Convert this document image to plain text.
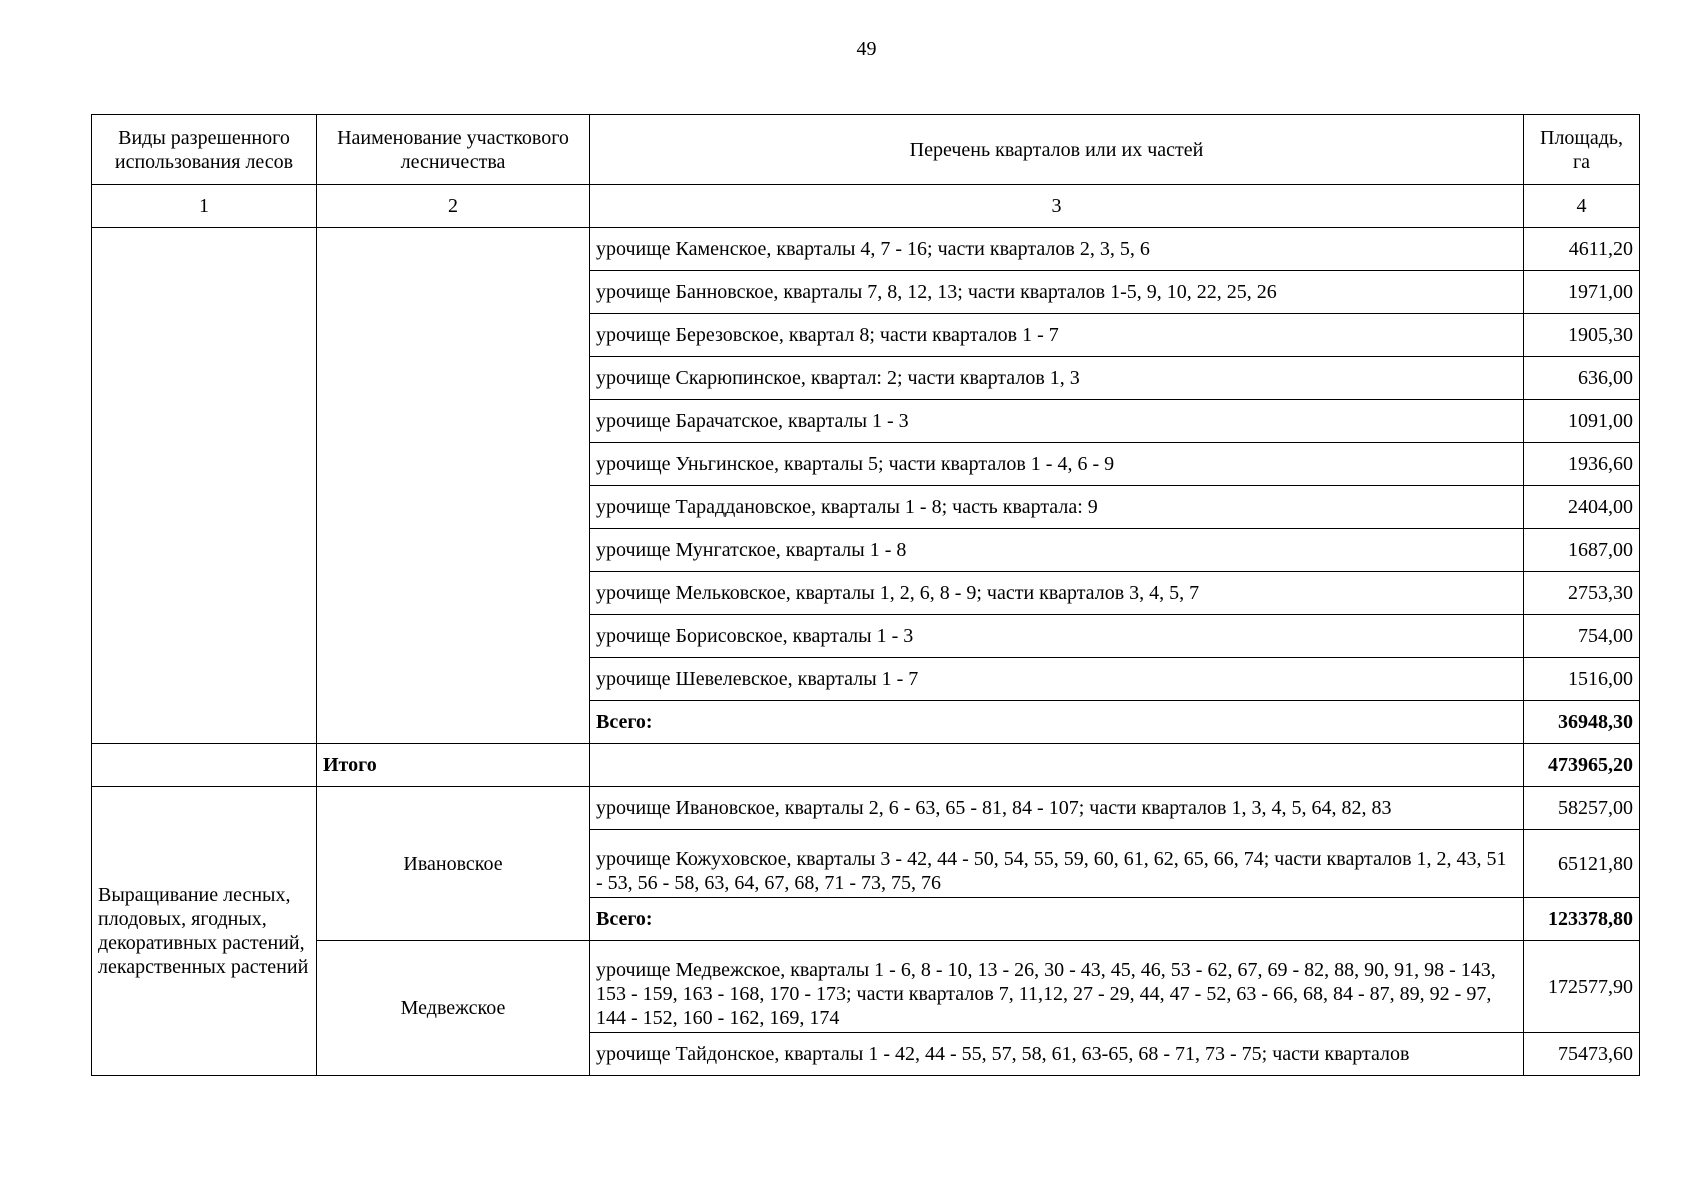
49
Виды разрешенного использования лесов	Наименование участкового лесничества	Перечень кварталов или их частей	Площадь, га
1	2	3	4
		урочище Каменское, кварталы 4, 7 - 16; части кварталов 2, 3, 5, 6	4611,20
		урочище Банновское, кварталы 7, 8, 12, 13; части кварталов 1-5, 9, 10, 22, 25, 26	1971,00
		урочище Березовское, квартал 8; части кварталов 1 - 7	1905,30
		урочище Скарюпинское, квартал: 2; части кварталов 1, 3	636,00
		урочище Барачатское, кварталы 1 - 3	1091,00
		урочище Уньгинское, кварталы 5; части кварталов 1 - 4, 6 - 9	1936,60
		урочище Тараддановское, кварталы 1 - 8; часть квартала: 9	2404,00
		урочище Мунгатское, кварталы 1 - 8	1687,00
		урочище Мельковское, кварталы 1, 2, 6, 8 - 9; части кварталов 3, 4, 5, 7	2753,30
		урочище Борисовское, кварталы 1 - 3	754,00
		урочище Шевелевское, кварталы 1 - 7	1516,00
		Всего:	36948,30
	Итого		473965,20
Выращивание лесных, плодовых, ягодных, декоративных растений, лекарственных растений	Ивановское	урочище Ивановское, кварталы 2, 6 - 63, 65 - 81, 84 - 107; части кварталов 1, 3, 4, 5, 64, 82, 83	58257,00
		урочище Кожуховское, кварталы 3 - 42, 44 - 50, 54, 55, 59, 60, 61, 62, 65, 66, 74; части кварталов 1, 2, 43, 51 - 53, 56 - 58, 63, 64, 67, 68, 71 - 73, 75, 76	65121,80
		Всего:	123378,80
	Медвежское	урочище Медвежское, кварталы 1 - 6, 8 - 10, 13 - 26, 30 - 43, 45, 46, 53 - 62, 67, 69 - 82, 88, 90, 91, 98 - 143, 153 - 159, 163 - 168, 170 - 173; части кварталов 7, 11,12, 27 - 29, 44, 47 - 52, 63 - 66, 68, 84 - 87, 89, 92 - 97, 144 - 152, 160 - 162, 169, 174	172577,90
		урочище Тайдонское, кварталы 1 - 42, 44 - 55, 57, 58, 61, 63-65, 68 - 71, 73 - 75; части кварталов	75473,60
